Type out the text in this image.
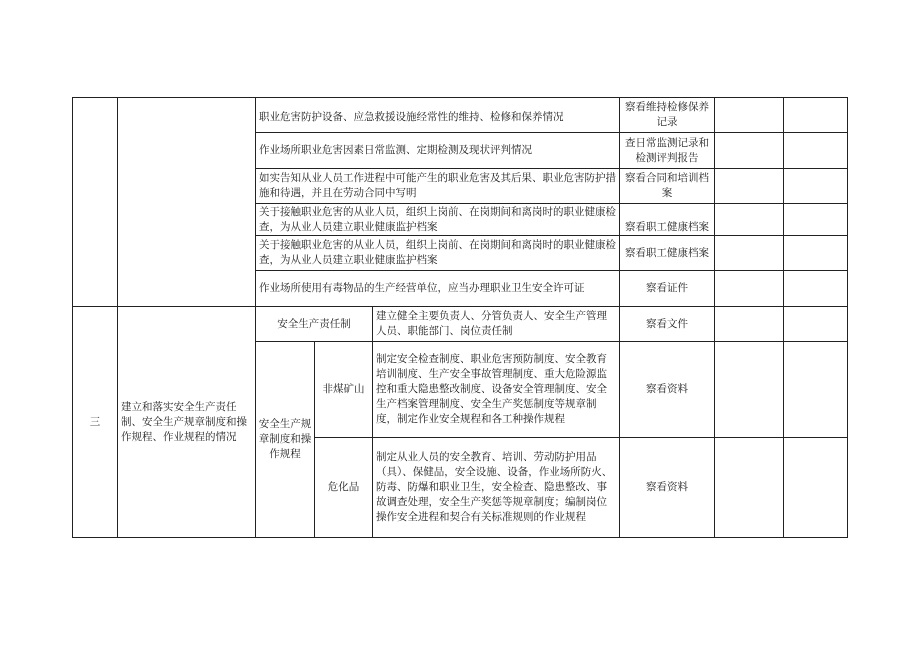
职业危害防护设备、应急救援设施经常性的维持、检修和保养情况
察看维持检修保养记录
作业场所职业危害因素日常监测、定期检测及现状评判情况
查日常监测记录和检测评判报告
如实告知从业人员工作进程中可能产生的职业危害及其后果、职业危害防护措施和待遇，并且在劳动合同中写明
察看合同和培训档案
关于接触职业危害的从业人员，组织上岗前、在岗期间和离岗时的职业健康检查，为从业人员建立职业健康监护档案	察看职工健康档案
关于接触职业危害的从业人员，组织上岗前、在岗期间和离岗时的职业健康检查，为从业人员建立职业健康监护档案
察看职工健康档案
作业场所使用有毒物品的生产经营单位，应当办理职业卫生安全许可证	察看证件
三
建立和落实安全生产责任制、安全生产规章制度和操作规程、作业规程的情况
安全生产责任制
建立健全主要负责人、分管负责人、安全生产管理人员、职能部门、岗位责任制
察看文件
安全生产规章制度和操作规程
非煤矿山
制定安全检查制度、职业危害预防制度、安全教育培训制度、生产安全事故管理制度、重大危险源监控和重大隐患整改制度、设备安全管理制度、安全生产档案管理制度、安全生产奖惩制度等规章制度，制定作业安全规程和各工种操作规程
察看资料
危化品
制定从业人员的安全教育、培训、劳动防护用品（具）、保健品，安全设施、设备，作业场所防火、防毒、防爆和职业卫生，安全检查、隐患整改、事故调查处理，安全生产奖惩等规章制度；编制岗位操作安全进程和契合有关标准规则的作业规程
察看资料
